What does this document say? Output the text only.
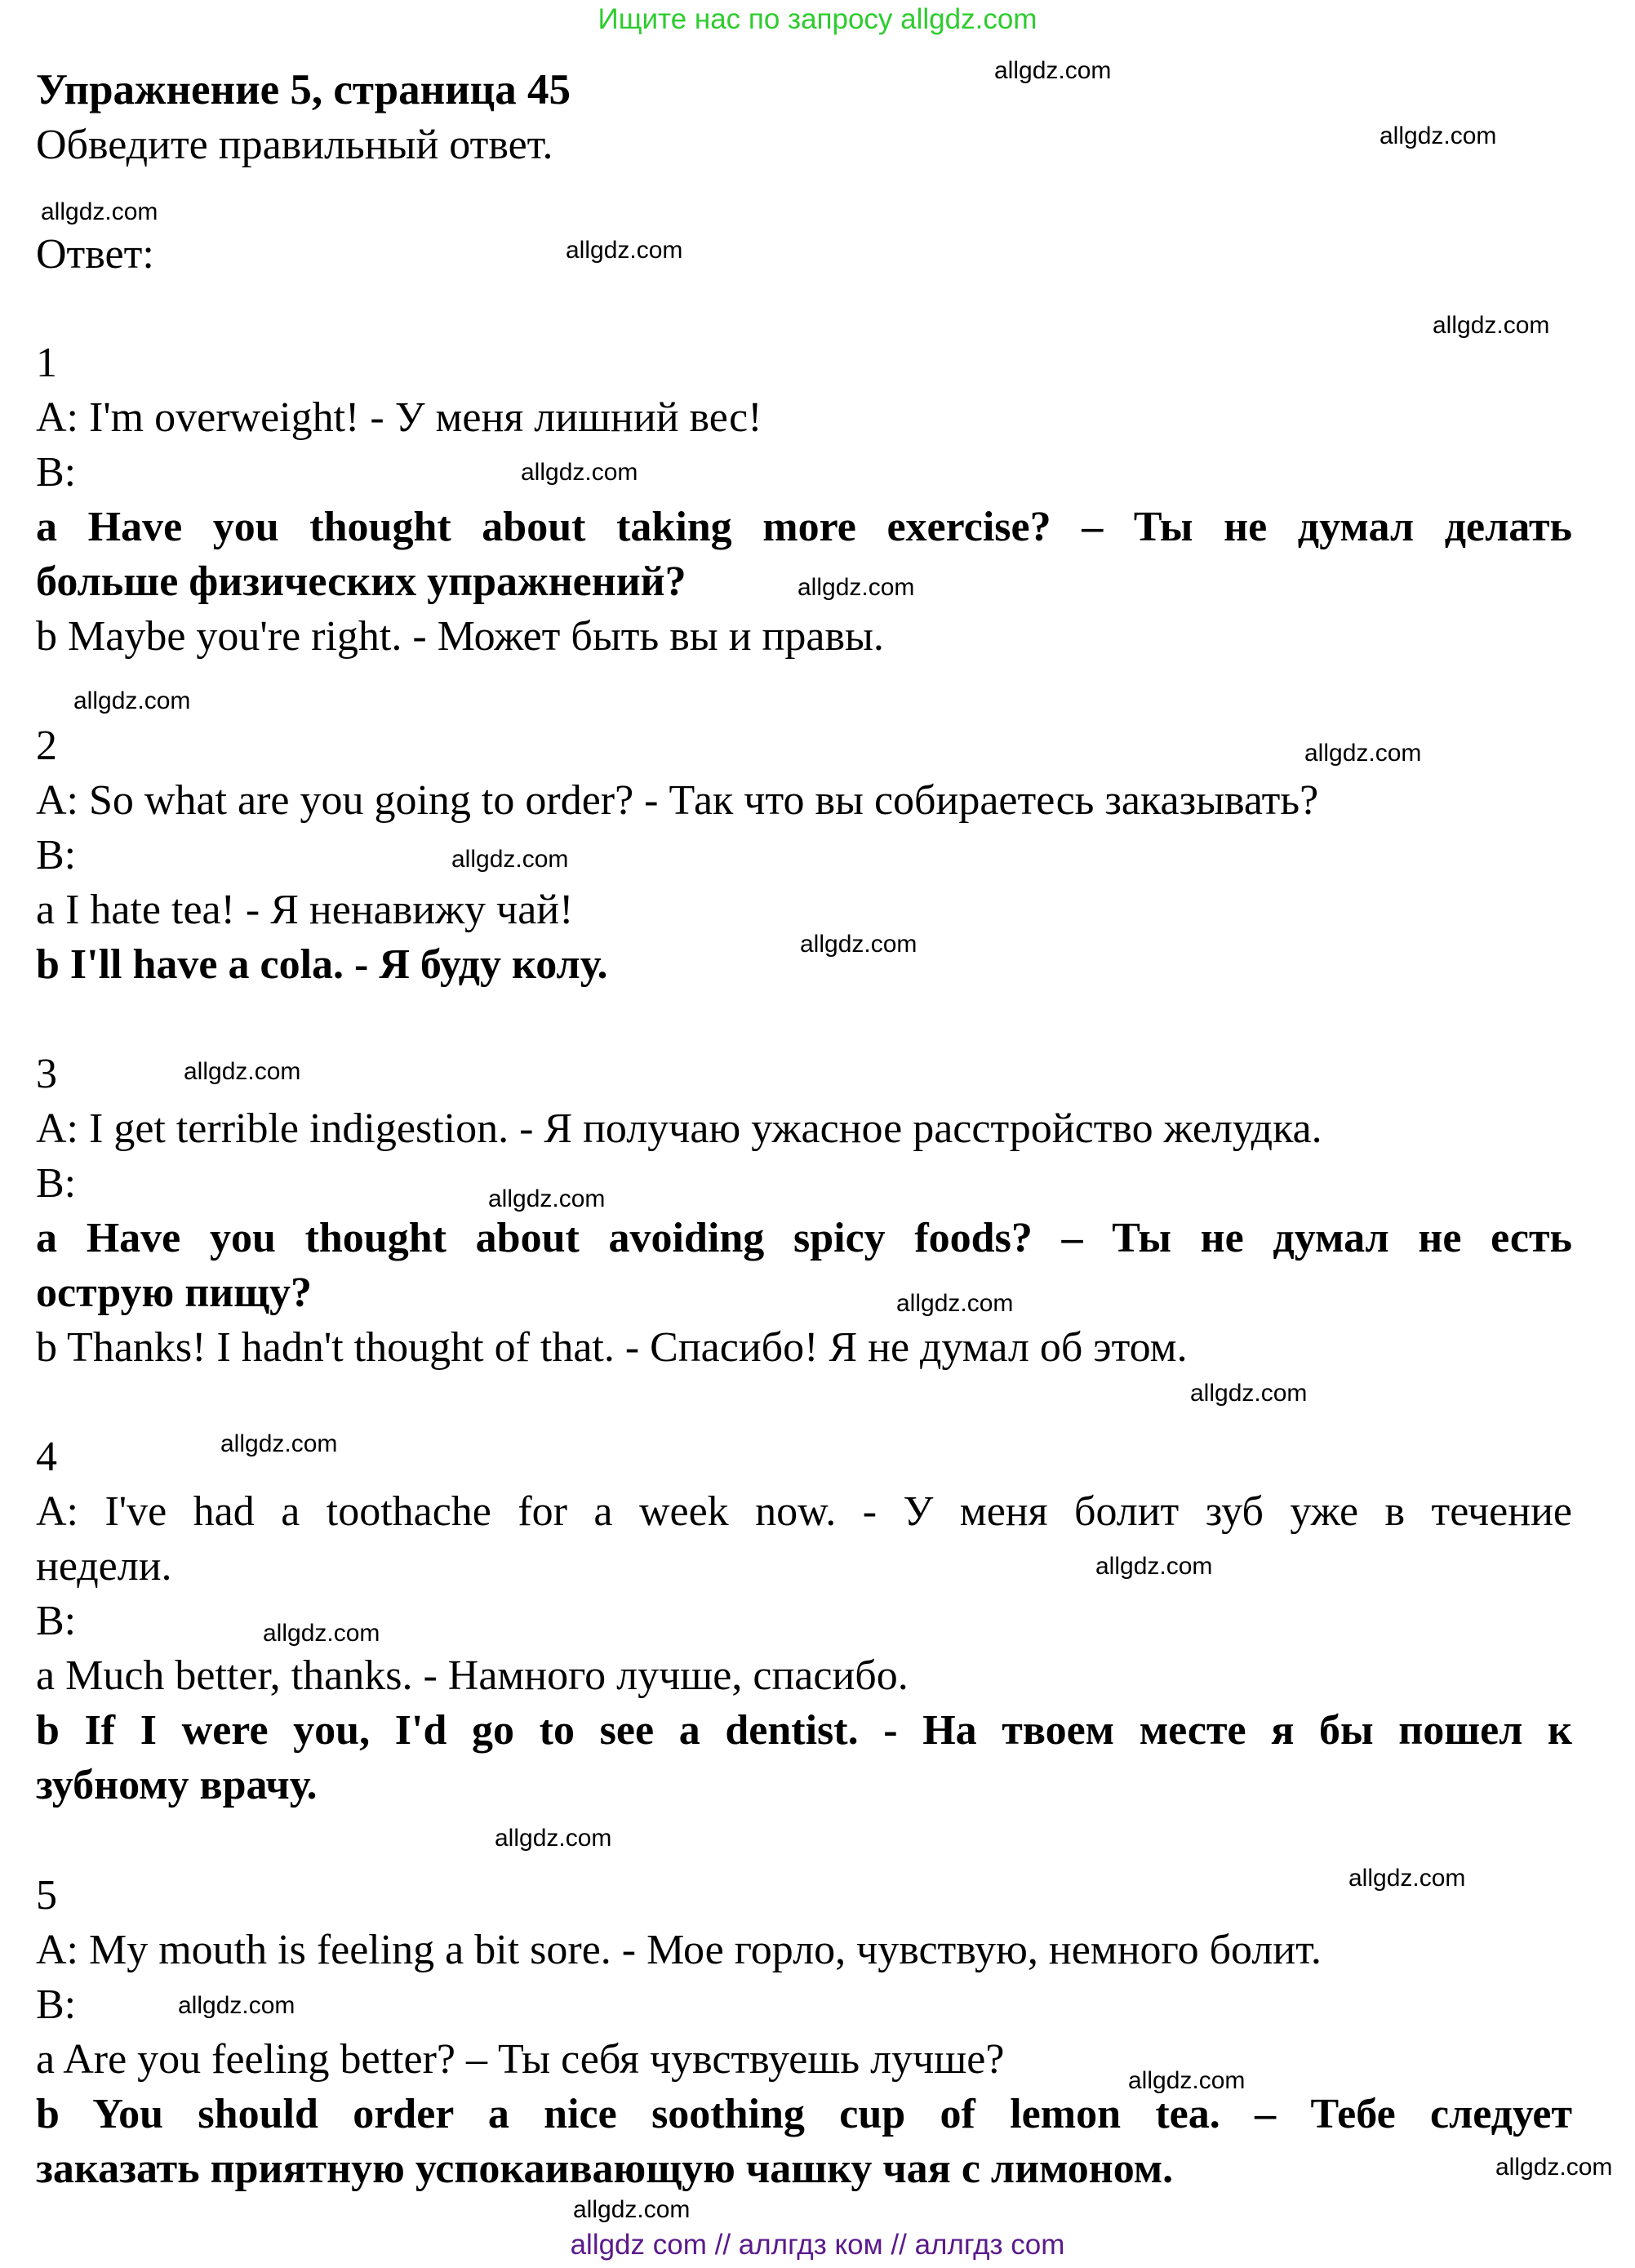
Ищите нас по запросу allgdz.com
Упражнение 5, страница 45
Обведите правильный ответ.
Ответ:
1
A: I'm overweight! - У меня лишний вес!
B:
a Have you thought about taking more exercise? – Ты не думал делать
больше физических упражнений?
b Maybe you're right. - Может быть вы и правы.
2
A: So what are you going to order? - Так что вы собираетесь заказывать?
B:
a I hate tea! - Я ненавижу чай!
b I'll have a cola. - Я буду колу.
3
A: I get terrible indigestion. - Я получаю ужасное расстройство желудка.
B:
a Have you thought about avoiding spicy foods? – Ты не думал не есть
острую пищу?
b Thanks! I hadn't thought of that. - Спасибо! Я не думал об этом.
4
A: I've had a toothache for a week now. - У меня болит зуб уже в течение
недели.
B:
a Much better, thanks. - Намного лучше, спасибо.
b If I were you, I'd go to see a dentist. - На твоем месте я бы пошел к
зубному врачу.
5
A: My mouth is feeling a bit sore. - Мое горло, чувствую, немного болит.
B:
a Are you feeling better? – Ты себя чувствуешь лучше?
b You should order a nice soothing cup of lemon tea. – Тебе следует
заказать приятную успокаивающую чашку чая с лимоном.
allgdz.com
allgdz.com
allgdz.com
allgdz.com
allgdz.com
allgdz.com
allgdz.com
allgdz.com
allgdz.com
allgdz.com
allgdz.com
allgdz.com
allgdz.com
allgdz.com
allgdz.com
allgdz.com
allgdz.com
allgdz.com
allgdz.com
allgdz.com
allgdz.com
allgdz.com
allgdz.com
allgdz.com
allgdz com // аллгдз ком // аллгдз com
